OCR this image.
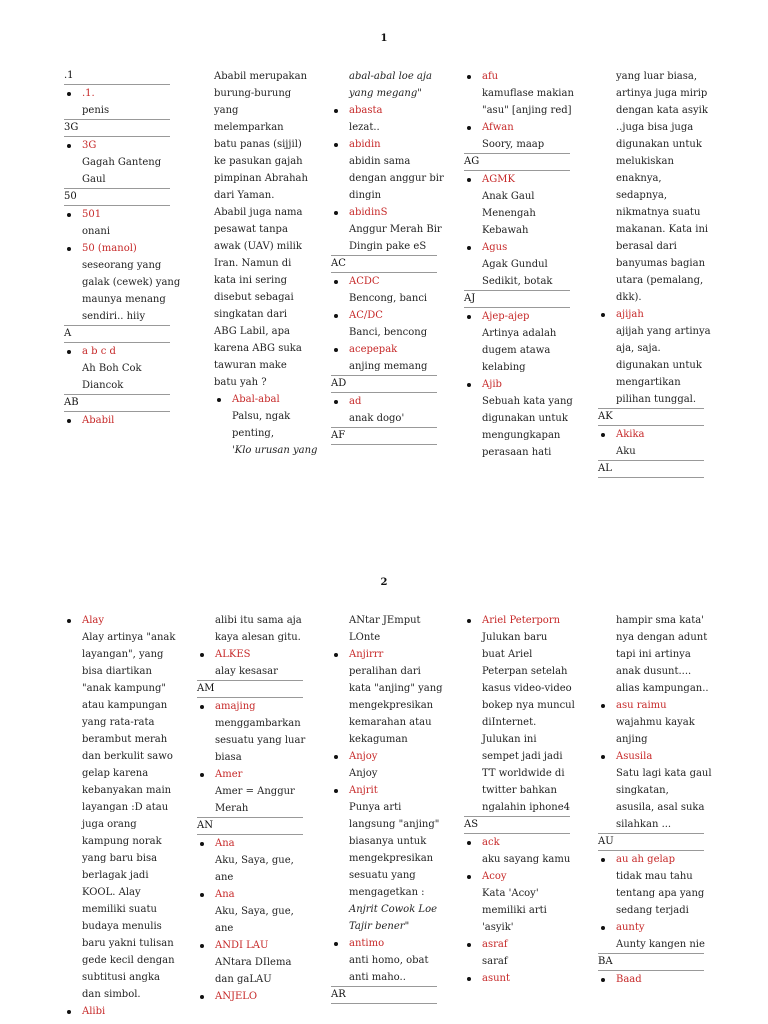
1
.1
.1.
penis
3G
3G
Gagah Ganteng
Gaul
50
501
onani
50 (manol)
seseorang yang
galak (cewek) yang
maunya menang
sendiri.. hiiy
A
a b c d
Ah Boh Cok
Diancok
AB
Ababil
Ababil merupakan
burung-burung
yang
melemparkan
batu panas (sijjil)
ke pasukan gajah
pimpinan Abrahah
dari Yaman.
Ababil juga nama
pesawat tanpa
awak (UAV) milik
Iran. Namun di
kata ini sering
disebut sebagai
singkatan dari
ABG Labil, apa
karena ABG suka
tawuran make
batu yah ?
Abal-abal
Palsu, ngak
penting,
'Klo urusan yang
abal-abal loe aja
yang megang"
abasta
lezat..
abidin
abidin sama
dengan anggur bir
dingin
abidinS
Anggur Merah Bir
Dingin pake eS
AC
ACDC
Bencong, banci
AC/DC
Banci, bencong
acepepak
anjing memang
AD
ad
anak dogo'
AF
afu
kamuflase makian
"asu" [anjing red]
Afwan
Soory, maap
AG
AGMK
Anak Gaul
Menengah
Kebawah
Agus
Agak Gundul
Sedikit, botak
AJ
Ajep-ajep
Artinya adalah
dugem atawa
kelabing
Ajib
Sebuah kata yang
digunakan untuk
mengungkapan
perasaan hati
yang luar biasa,
artinya juga mirip
dengan kata asyik
..juga bisa juga
digunakan untuk
melukiskan
enaknya,
sedapnya,
nikmatnya suatu
makanan. Kata ini
berasal dari
banyumas bagian
utara (pemalang,
dkk).
ajijah
ajijah yang artinya
aja, saja.
digunakan untuk
mengartikan
pilihan tunggal.
AK
Akika
Aku
AL
2
Alay
Alay artinya "anak
layangan", yang
bisa diartikan
"anak kampung"
atau kampungan
yang rata-rata
berambut merah
dan berkulit sawo
gelap karena
kebanyakan main
layangan :D atau
juga orang
kampung norak
yang baru bisa
berlagak jadi
KOOL. Alay
memiliki suatu
budaya menulis
baru yakni tulisan
gede kecil dengan
subtitusi angka
dan simbol.
Alibi
alibi itu sama aja
kaya alesan gitu.
ALKES
alay kesasar
AM
amajing
menggambarkan
sesuatu yang luar
biasa
Amer
Amer = Anggur
Merah
AN
Ana
Aku, Saya, gue,
ane
Ana
Aku, Saya, gue,
ane
ANDI LAU
ANtara DIlema
dan gaLAU
ANJELO
ANtar JEmput
LOnte
Anjirrr
peralihan dari
kata "anjing" yang
mengekpresikan
kemarahan atau
kekaguman
Anjoy
Anjoy
Anjrit
Punya arti
langsung "anjing"
biasanya untuk
mengekpresikan
sesuatu yang
mengagetkan :
Anjrit Cowok Loe
Tajir bener"
antimo
anti homo, obat
anti maho..
AR
Ariel Peterporn
Julukan baru
buat Ariel
Peterpan setelah
kasus video-video
bokep nya muncul
diInternet.
Julukan ini
sempet jadi jadi
TT worldwide di
twitter bahkan
ngalahin iphone4
AS
ack
aku sayang kamu
Acoy
Kata 'Acoy'
memiliki arti
'asyik'
asraf
saraf
asunt
hampir sma kata'
nya dengan adunt
tapi ini artinya
anak dusunt....
alias kampungan..
asu raimu
wajahmu kayak
anjing
Asusila
Satu lagi kata gaul
singkatan,
asusila, asal suka
silahkan ...
AU
au ah gelap
tidak mau tahu
tentang apa yang
sedang terjadi
aunty
Aunty kangen nie
BA
Baad
